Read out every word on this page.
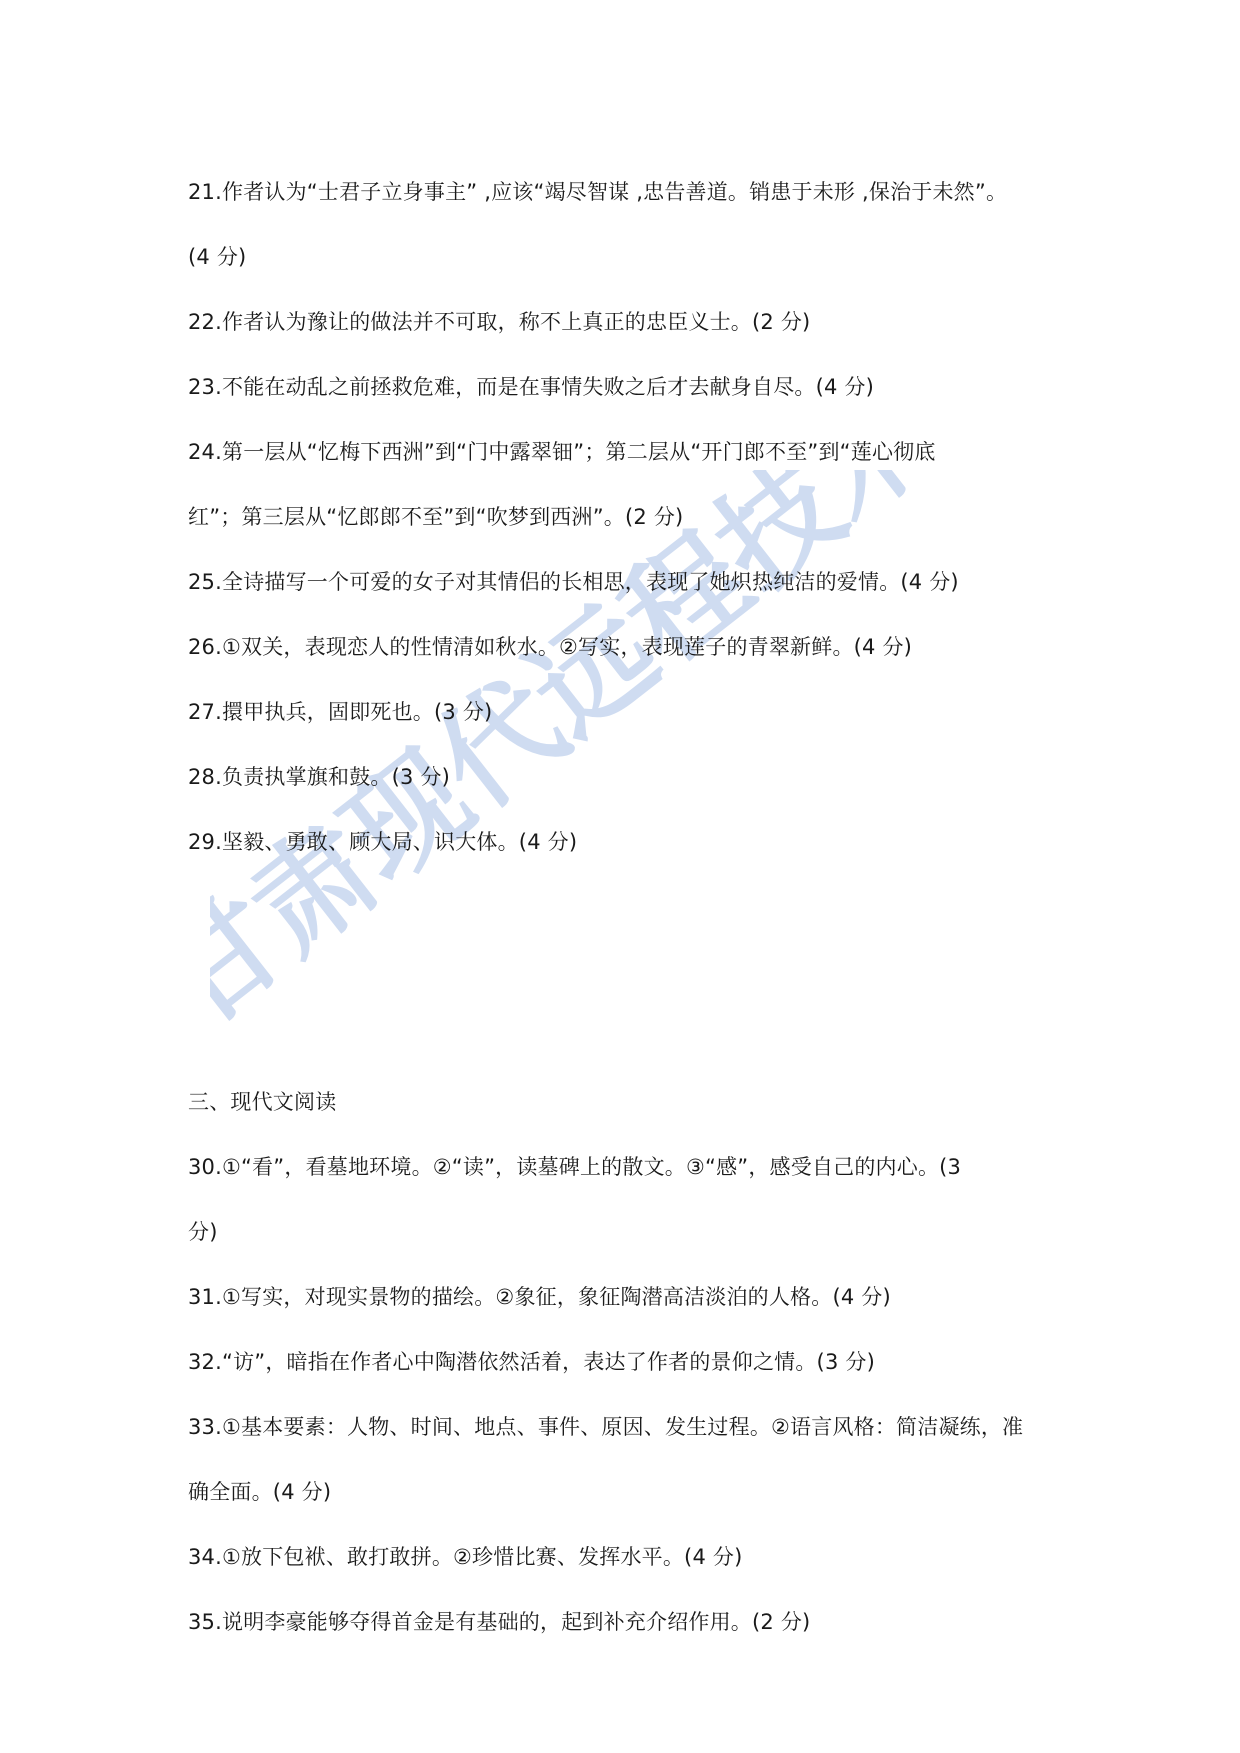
甘肃现代远程技术学院
21.作者认为“士君子立身事主” ,应该“竭尽智谋 ,忠告善道。销患于未形 ,保治于未然”。
(4 分)
22.作者认为豫让的做法并不可取，称不上真正的忠臣义士。(2 分)
23.不能在动乱之前拯救危难，而是在事情失败之后才去献身自尽。(4 分)
24.第一层从“忆梅下西洲”到“门中露翠钿”；第二层从“开门郎不至”到“莲心彻底
红”；第三层从“忆郎郎不至”到“吹梦到西洲”。(2 分)
25.全诗描写一个可爱的女子对其情侣的长相思，表现了她炽热纯洁的爱情。(4 分)
26.①双关，表现恋人的性情清如秋水。②写实，表现莲子的青翠新鲜。(4 分)
27.擐甲执兵，固即死也。(3 分)
28.负责执掌旗和鼓。(3 分)
29.坚毅、勇敢、顾大局、识大体。(4 分)
三、现代文阅读
30.①“看”，看墓地环境。②“读”，读墓碑上的散文。③“感”，感受自己的内心。(3
分)
31.①写实，对现实景物的描绘。②象征，象征陶潜高洁淡泊的人格。(4 分)
32.“访”，暗指在作者心中陶潜依然活着，表达了作者的景仰之情。(3 分)
33.①基本要素：人物、时间、地点、事件、原因、发生过程。②语言风格：简洁凝练，准
确全面。(4 分)
34.①放下包袱、敢打敢拼。②珍惜比赛、发挥水平。(4 分)
35.说明李豪能够夺得首金是有基础的，起到补充介绍作用。(2 分)
